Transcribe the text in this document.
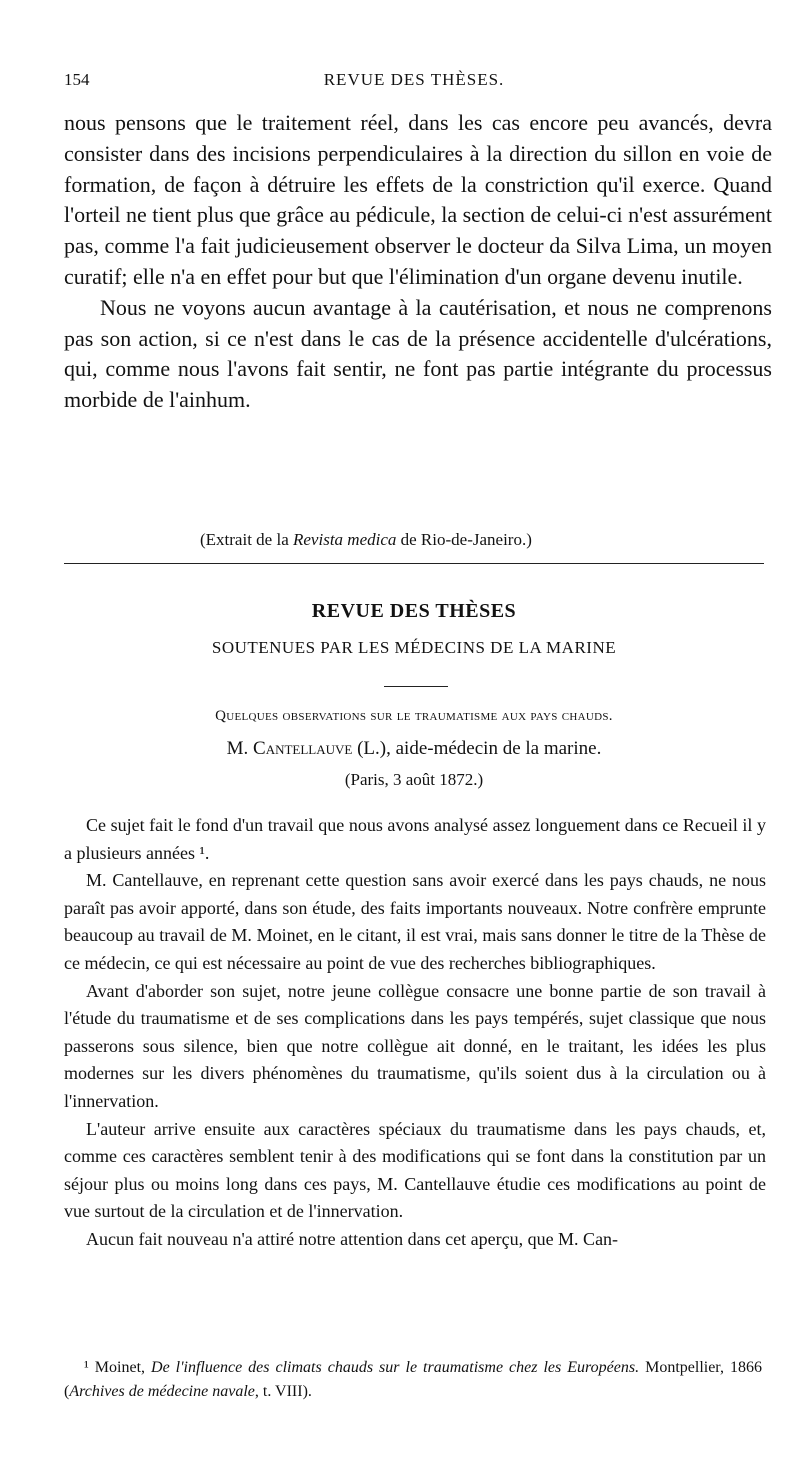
154	REVUE DES THÈSES.

nous pensons que le traitement réel, dans les cas encore peu avancés, devra consister dans des incisions perpendiculaires à la direction du sillon en voie de formation, de façon à détruire les effets de la constriction qu'il exerce. Quand l'orteil ne tient plus que grâce au pédicule, la section de celui-ci n'est assurément pas, comme l'a fait judicieusement observer le docteur da Silva Lima, un moyen curatif; elle n'a en effet pour but que l'élimination d'un organe devenu inutile.

Nous ne voyons aucun avantage à la cautérisation, et nous ne comprenons pas son action, si ce n'est dans le cas de la présence accidentelle d'ulcérations, qui, comme nous l'avons fait sentir, ne font pas partie intégrante du processus morbide de l'ainhum.

(Extrait de la Revista medica de Rio-de-Janeiro.)
REVUE DES THÈSES
SOUTENUES PAR LES MÉDECINS DE LA MARINE
Quelques observations sur le traumatisme aux pays chauds.
M. Cantellauve (L.), aide-médecin de la marine.
(Paris, 3 août 1872.)

Ce sujet fait le fond d'un travail que nous avons analysé assez longuement dans ce Recueil il y a plusieurs années ¹.

M. Cantellauve, en reprenant cette question sans avoir exercé dans les pays chauds, ne nous paraît pas avoir apporté, dans son étude, des faits importants nouveaux. Notre confrère emprunte beaucoup au travail de M. Moinet, en le citant, il est vrai, mais sans donner le titre de la Thèse de ce médecin, ce qui est nécessaire au point de vue des recherches bibliographiques.

Avant d'aborder son sujet, notre jeune collègue consacre une bonne partie de son travail à l'étude du traumatisme et de ses complications dans les pays tempérés, sujet classique que nous passerons sous silence, bien que notre collègue ait donné, en le traitant, les idées les plus modernes sur les divers phénomènes du traumatisme, qu'ils soient dus à la circulation ou à l'innervation.

L'auteur arrive ensuite aux caractères spéciaux du traumatisme dans les pays chauds, et, comme ces caractères semblent tenir à des modifications qui se font dans la constitution par un séjour plus ou moins long dans ces pays, M. Cantellauve étudie ces modifications au point de vue surtout de la circulation et de l'innervation.

Aucun fait nouveau n'a attiré notre attention dans cet aperçu, que M. Can-

¹ Moinet, De l'influence des climats chauds sur le traumatisme chez les Européens. Montpellier, 1866 (Archives de médecine navale, t. VIII).
